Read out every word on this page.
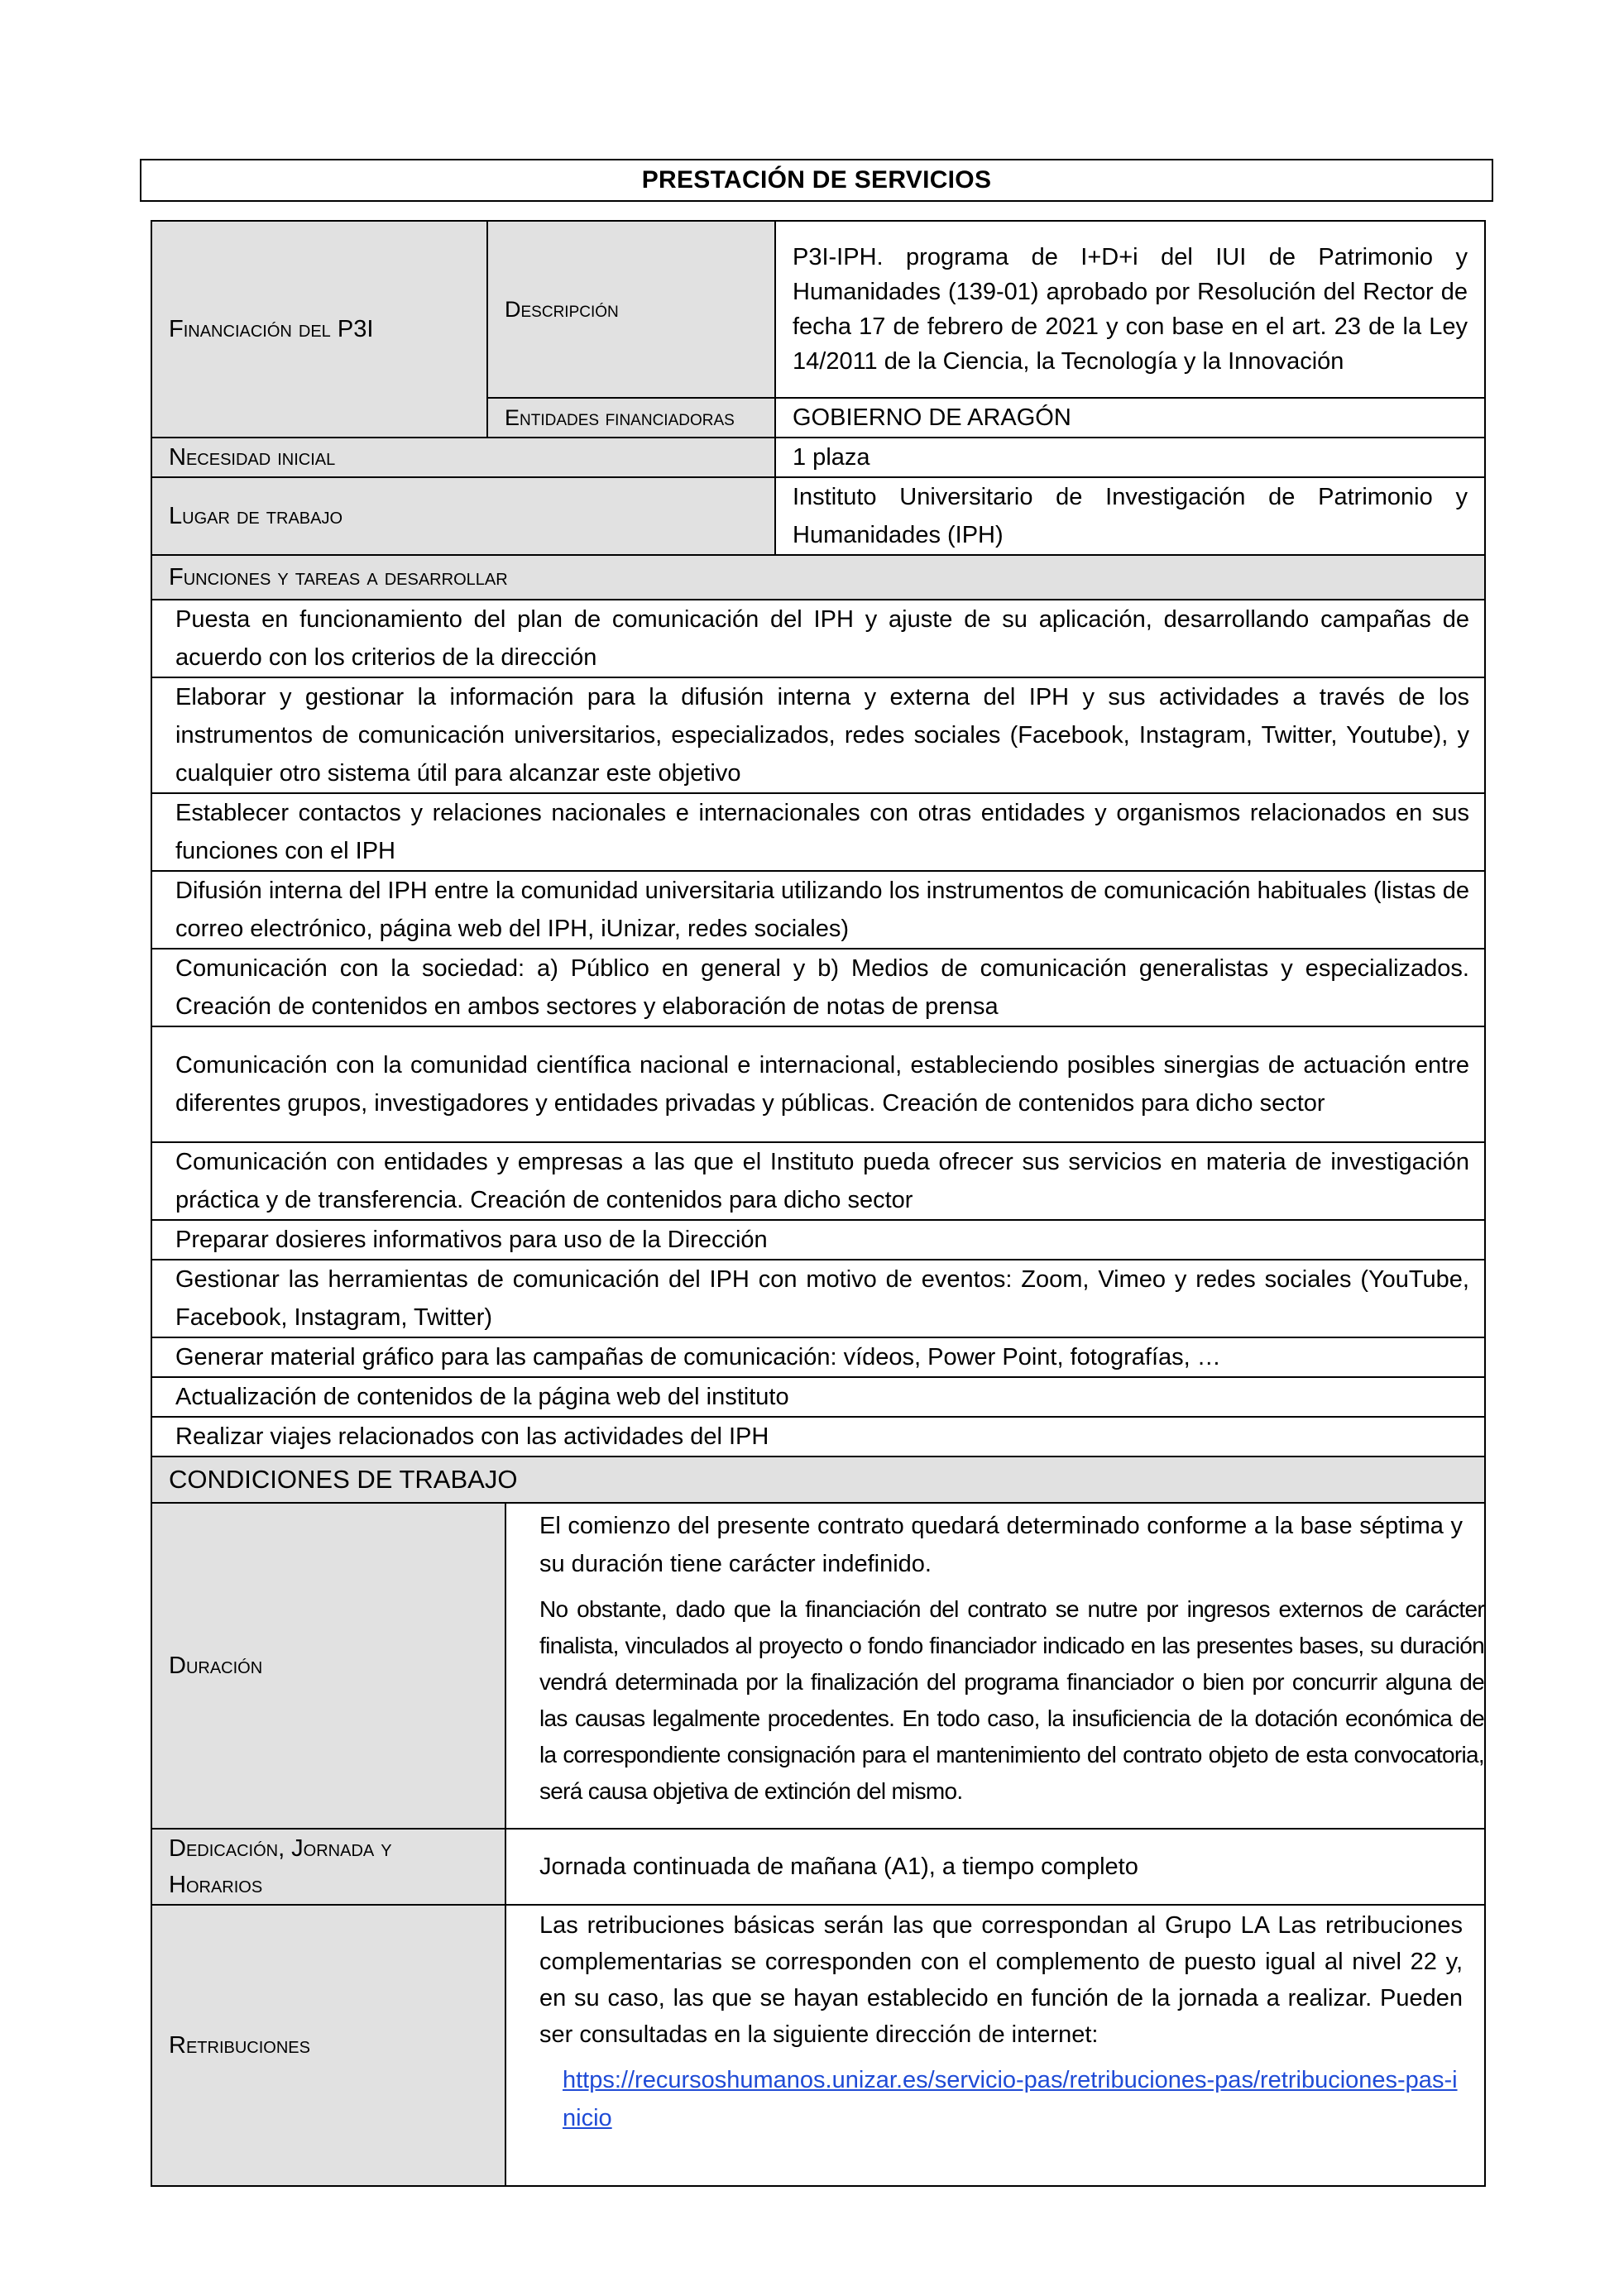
PRESTACIÓN DE SERVICIOS
Financiación del P3I	Descripción		P3I-IPH. programa de I+D+i del IUI de Patrimonio y Humanidades (139-01) aprobado por Resolución del Rector de fecha 17 de febrero de 2021 y con base en el art. 23 de la Ley 14/2011 de la Ciencia, la Tecnología y la Innovación
	Entidades financiadoras		GOBIERNO DE ARAGÓN
Necesidad inicial			1 plaza
Lugar de trabajo			Instituto Universitario de Investigación de Patrimonio y Humanidades (IPH)
Funciones y tareas a desarrollar			
Puesta en funcionamiento del plan de comunicación del IPH y ajuste de su aplicación, desarrollando campañas de acuerdo con los criterios de la dirección			
Elaborar y gestionar la información para la difusión interna y externa del IPH y sus actividades a través de los instrumentos de comunicación universitarios, especializados, redes sociales (Facebook, Instagram, Twitter, Youtube), y cualquier otro sistema útil para alcanzar este objetivo			
Establecer contactos y relaciones nacionales e internacionales con otras entidades y organismos relacionados en sus funciones con el IPH			
Difusión interna del IPH entre la comunidad universitaria utilizando los instrumentos de comunicación habituales (listas de correo electrónico, página web del IPH, iUnizar, redes sociales)			
Comunicación con la sociedad: a) Público en general y b) Medios de comunicación generalistas y especializados. Creación de contenidos en ambos sectores y elaboración de notas de prensa			
Comunicación con la comunidad científica nacional e internacional, estableciendo posibles sinergias de actuación entre diferentes grupos, investigadores y entidades privadas y públicas. Creación de contenidos para dicho sector			
Comunicación con entidades y empresas a las que el Instituto pueda ofrecer sus servicios en materia de investigación práctica y de transferencia. Creación de contenidos para dicho sector			
Preparar dosieres informativos para uso de la Dirección			
Gestionar las herramientas de comunicación del IPH con motivo de eventos: Zoom, Vimeo y redes sociales (YouTube, Facebook, Instagram, Twitter)			
Generar material gráfico para las campañas de comunicación: vídeos, Power Point, fotografías, …			
Actualización de contenidos de la página web del instituto			
Realizar viajes relacionados con las actividades del IPH			
CONDICIONES DE TRABAJO			
Duración		El comienzo del presente contrato quedará determinado conforme a la base séptima y su duración tiene carácter indefinido.

No obstante, dado que la financiación del contrato se nutre por ingresos externos de carácter finalista, vinculados al proyecto o fondo financiador indicado en las presentes bases, su duración vendrá determinada por la finalización del programa financiador o bien por concurrir alguna de las causas legalmente procedentes. En todo caso, la insuficiencia de la dotación económica de la correspondiente consignación para el mantenimiento del contrato objeto de esta convocatoria, será causa objetiva de extinción del mismo.	

Dedicación, Jornada y Horarios		Jornada continuada de mañana (A1), a tiempo completo	
Retribuciones		Las retribuciones básicas serán las que correspondan al Grupo LA Las retribuciones complementarias se corresponden con el complemento de puesto igual al nivel 22 y, en su caso, las que se hayan establecido en función de la jornada a realizar. Pueden ser consultadas en la siguiente dirección de internet:

https://recursoshumanos.unizar.es/servicio-pas/retribuciones-pas/retribuciones-pas-inicio	
